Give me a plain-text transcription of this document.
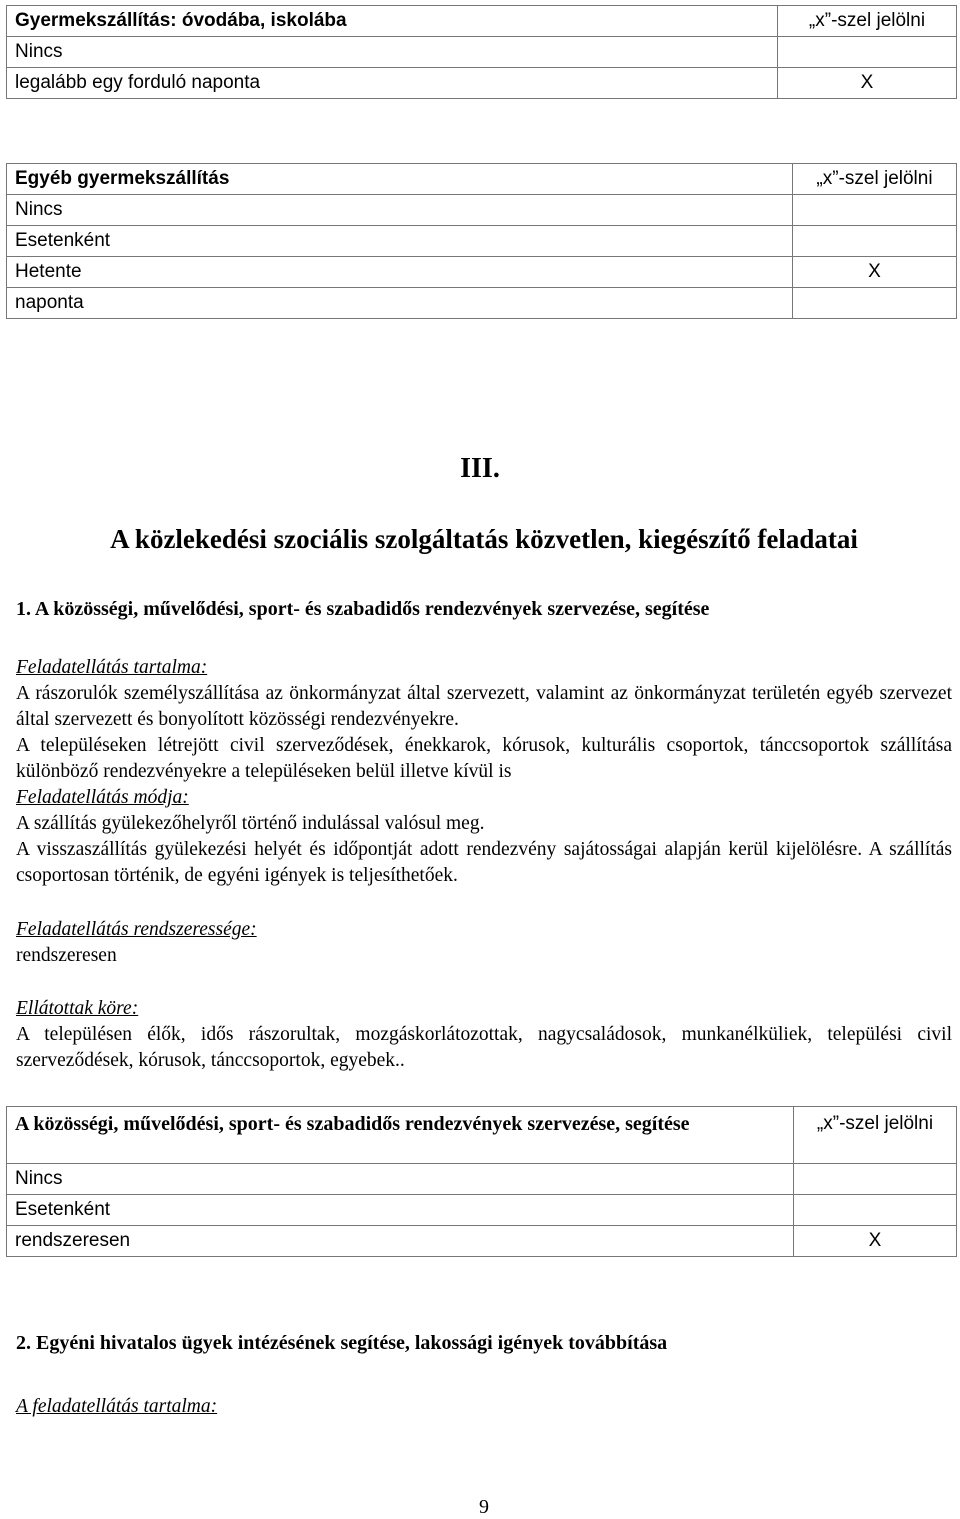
Gyermekszállítás: óvodába, iskolába	„x”-szel jelölni
Nincs	
legalább egy forduló naponta	X
Egyéb gyermekszállítás	„x”-szel jelölni
Nincs	
Esetenként	
Hetente	X
naponta	
III.
A közlekedési szociális szolgáltatás közvetlen, kiegészítő feladatai
1. A közösségi, művelődési, sport- és szabadidős rendezvények szervezése, segítése

Feladatellátás tartalma:

A rászorulók személyszállítása az önkormányzat által szervezett, valamint az önkormányzat területén egyéb szervezet által szervezett és bonyolított közösségi rendezvényekre.

A településeken létrejött civil szerveződések, énekkarok, kórusok, kulturális csoportok, tánccsoportok szállítása különböző rendezvényekre a településeken belül illetve kívül is

Feladatellátás módja:

A szállítás gyülekezőhelyről történő indulással valósul meg.

A visszaszállítás gyülekezési helyét és időpontját adott rendezvény sajátosságai alapján kerül kijelölésre. A szállítás csoportosan történik, de egyéni igények is teljesíthetőek.

Feladatellátás rendszeressége:

rendszeresen

Ellátottak köre:

A településen élők, idős rászorultak, mozgáskorlátozottak, nagycsaládosok, munkanélküliek, települési civil szerveződések, kórusok, tánccsoportok, egyebek..

A közösségi, művelődési, sport- és szabadidős rendezvények szervezése, segítése	„x”-szel jelölni
Nincs	
Esetenként	
rendszeresen	X
2. Egyéni hivatalos ügyek intézésének segítése, lakossági igények továbbítása

A feladatellátás tartalma:

9
